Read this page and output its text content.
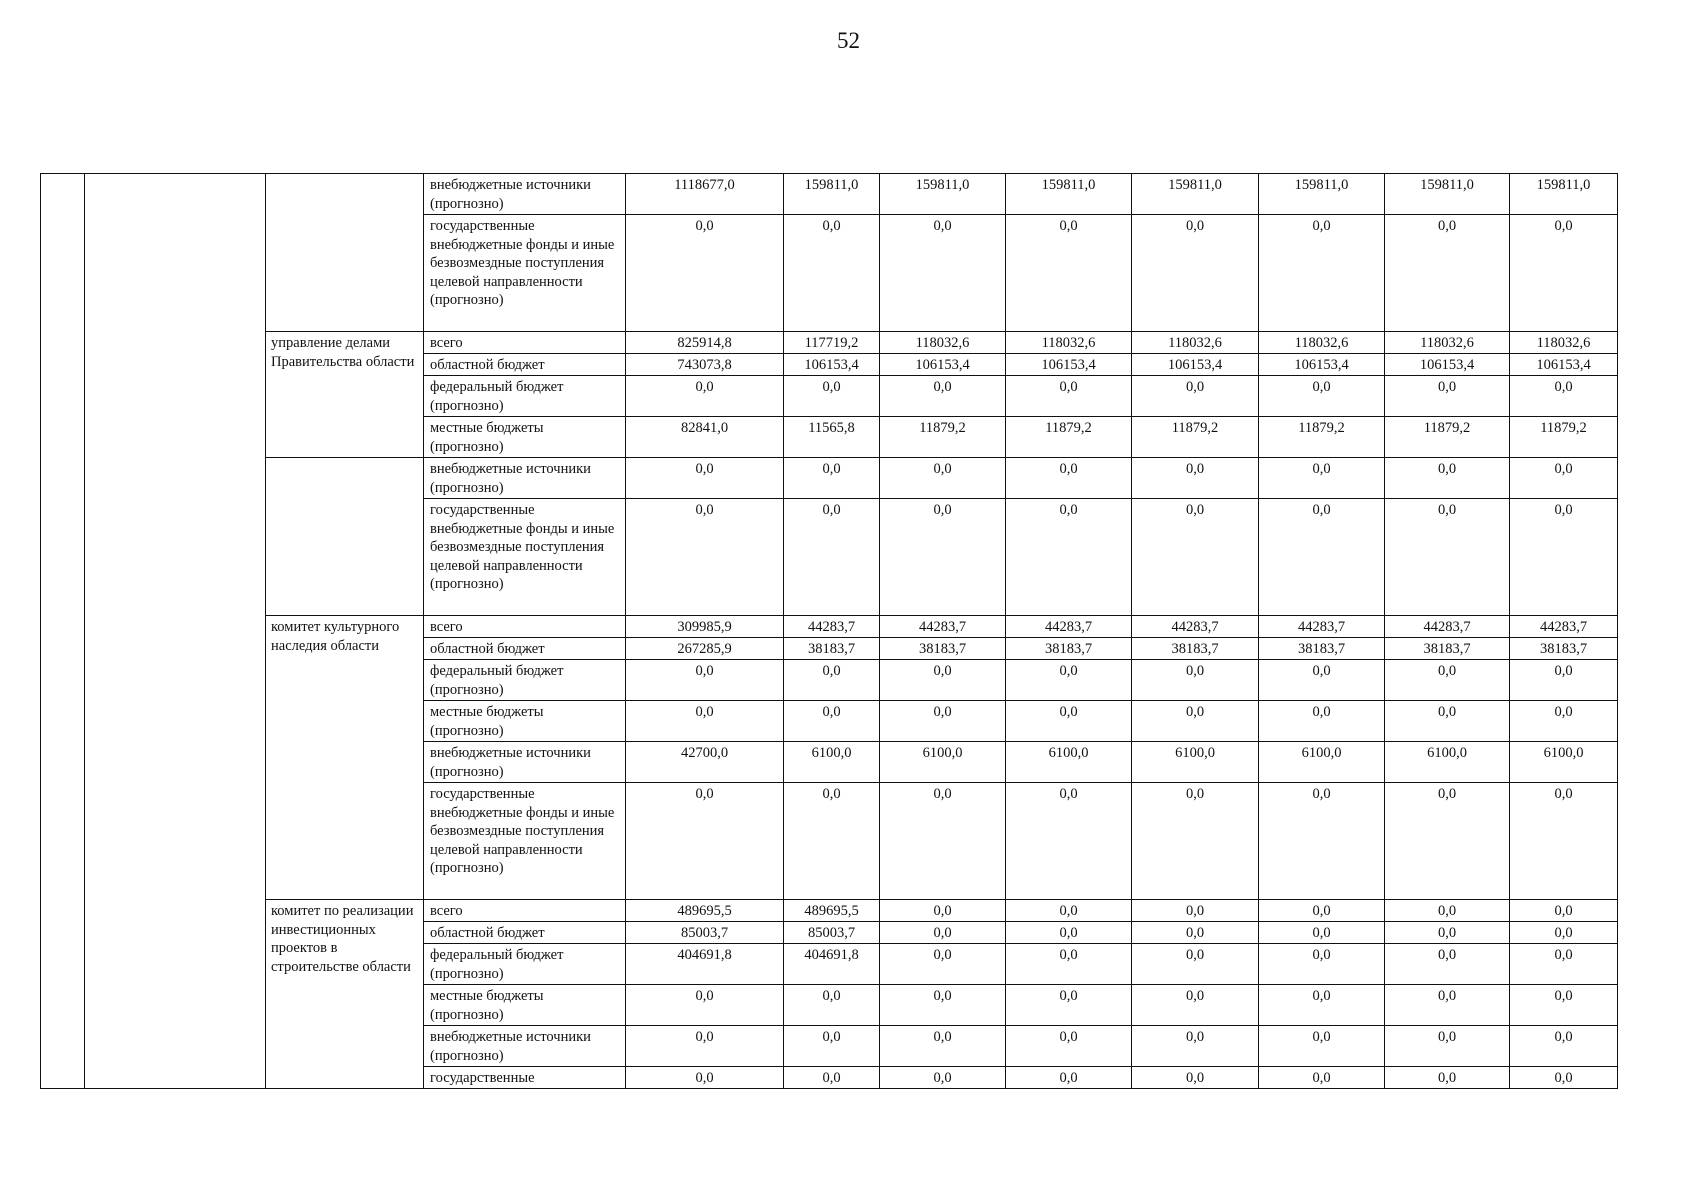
52
			внебюджетные источники (прогнозно)	1118677,0	159811,0	159811,0	159811,0	159811,0	159811,0	159811,0	159811,0
			государственные внебюджетные фонды и иные безвозмездные поступления целевой направленности (прогнозно)	0,0	0,0	0,0	0,0	0,0	0,0	0,0	0,0
		управление делами Правительства области	всего	825914,8	117719,2	118032,6	118032,6	118032,6	118032,6	118032,6	118032,6
			областной бюджет	743073,8	106153,4	106153,4	106153,4	106153,4	106153,4	106153,4	106153,4
			федеральный бюджет (прогнозно)	0,0	0,0	0,0	0,0	0,0	0,0	0,0	0,0
			местные бюджеты (прогнозно)	82841,0	11565,8	11879,2	11879,2	11879,2	11879,2	11879,2	11879,2
			внебюджетные источники (прогнозно)	0,0	0,0	0,0	0,0	0,0	0,0	0,0	0,0
			государственные внебюджетные фонды и иные безвозмездные поступления целевой направленности (прогнозно)	0,0	0,0	0,0	0,0	0,0	0,0	0,0	0,0
		комитет культурного наследия области	всего	309985,9	44283,7	44283,7	44283,7	44283,7	44283,7	44283,7	44283,7
			областной бюджет	267285,9	38183,7	38183,7	38183,7	38183,7	38183,7	38183,7	38183,7
			федеральный бюджет (прогнозно)	0,0	0,0	0,0	0,0	0,0	0,0	0,0	0,0
			местные бюджеты (прогнозно)	0,0	0,0	0,0	0,0	0,0	0,0	0,0	0,0
			внебюджетные источники (прогнозно)	42700,0	6100,0	6100,0	6100,0	6100,0	6100,0	6100,0	6100,0
			государственные внебюджетные фонды и иные безвозмездные поступления целевой направленности (прогнозно)	0,0	0,0	0,0	0,0	0,0	0,0	0,0	0,0
		комитет по реализации инвестиционных проектов в строительстве области	всего	489695,5	489695,5	0,0	0,0	0,0	0,0	0,0	0,0
			областной бюджет	85003,7	85003,7	0,0	0,0	0,0	0,0	0,0	0,0
			федеральный бюджет (прогнозно)	404691,8	404691,8	0,0	0,0	0,0	0,0	0,0	0,0
			местные бюджеты (прогнозно)	0,0	0,0	0,0	0,0	0,0	0,0	0,0	0,0
			внебюджетные источники (прогнозно)	0,0	0,0	0,0	0,0	0,0	0,0	0,0	0,0
			государственные	0,0	0,0	0,0	0,0	0,0	0,0	0,0	0,0
